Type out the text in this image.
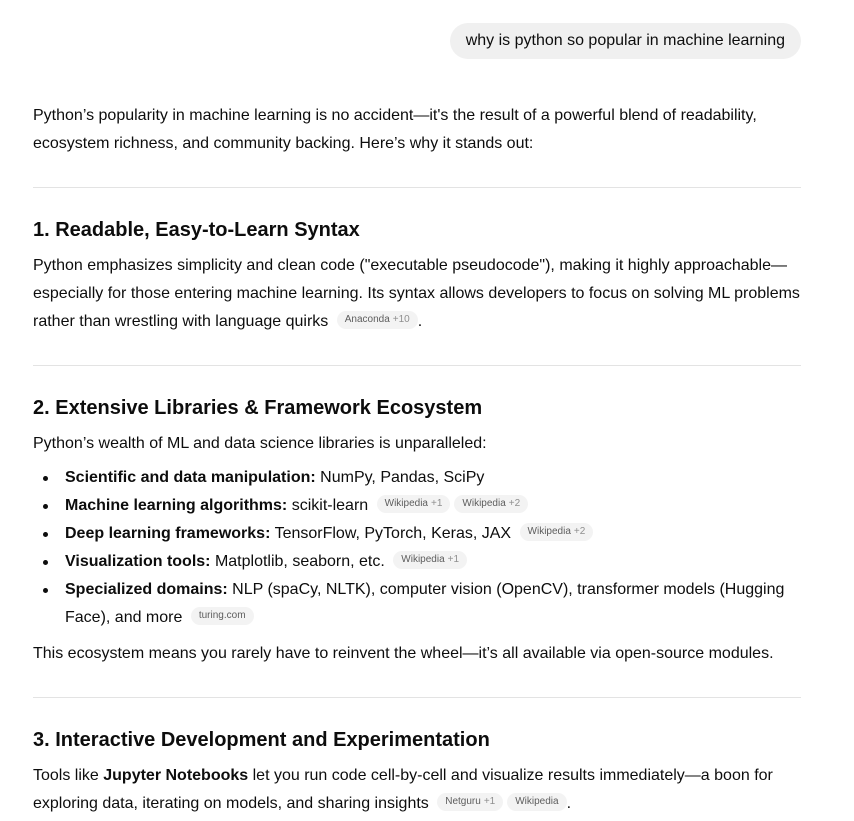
why is python so popular in machine learning

Python’s popularity in machine learning is no accident—it's the result of a powerful blend of readability, ecosystem richness, and community backing. Here’s why it stands out:

1. Readable, Easy-to-Learn Syntax

Python emphasizes simplicity and clean code ("executable pseudocode"), making it highly approachable—especially for those entering machine learning. Its syntax allows developers to focus on solving ML problems rather than wrestling with language quirks Anaconda +10 .

2. Extensive Libraries & Framework Ecosystem

Python’s wealth of ML and data science libraries is unparalleled:

Scientific and data manipulation: NumPy, Pandas, SciPy
Machine learning algorithms: scikit-learn Wikipedia +1 Wikipedia +2
Deep learning frameworks: TensorFlow, PyTorch, Keras, JAX Wikipedia +2
Visualization tools: Matplotlib, seaborn, etc. Wikipedia +1
Specialized domains: NLP (spaCy, NLTK), computer vision (OpenCV), transformer models (Hugging Face), and more turing.com

This ecosystem means you rarely have to reinvent the wheel—it’s all available via open-source modules.

3. Interactive Development and Experimentation

Tools like Jupyter Notebooks let you run code cell-by-cell and visualize results immediately—a boon for exploring data, iterating on models, and sharing insights Netguru +1 Wikipedia .
